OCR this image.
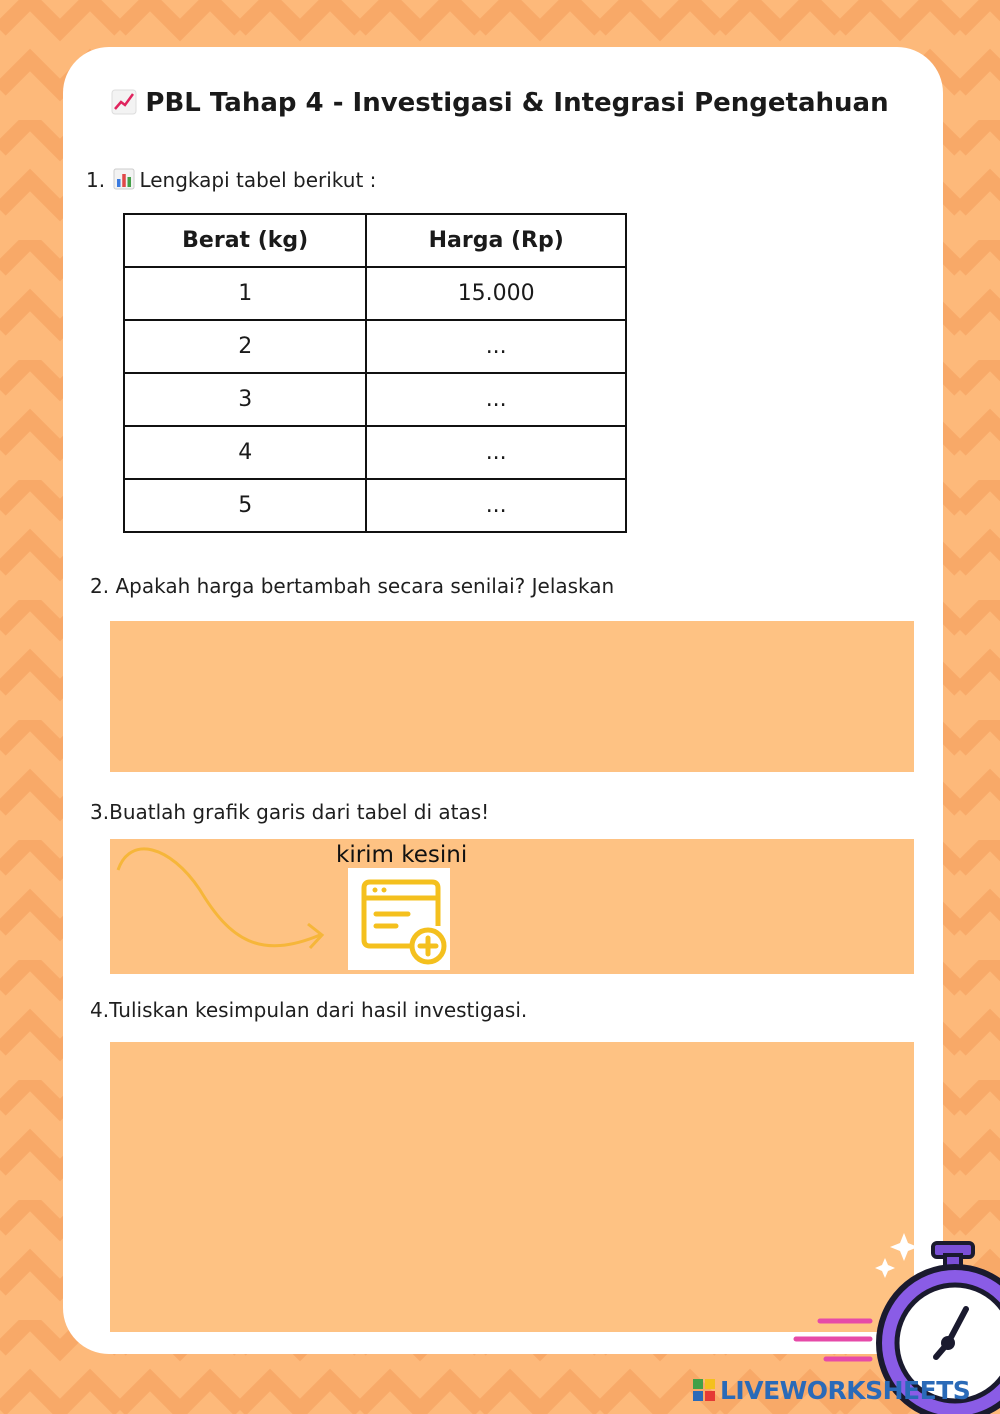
PBL Tahap 4 - Investigasi & Integrasi Pengetahuan
1. Lengkapi tabel berikut :
Berat (kg)	Harga (Rp)
1	15.000
2	...
3	...
4	...
5	...
2. Apakah harga bertambah secara senilai? Jelaskan
3.Buatlah grafik garis dari tabel di atas!
kirim kesini
4.Tuliskan kesimpulan dari hasil investigasi.
LIVEWORKSHEETS
